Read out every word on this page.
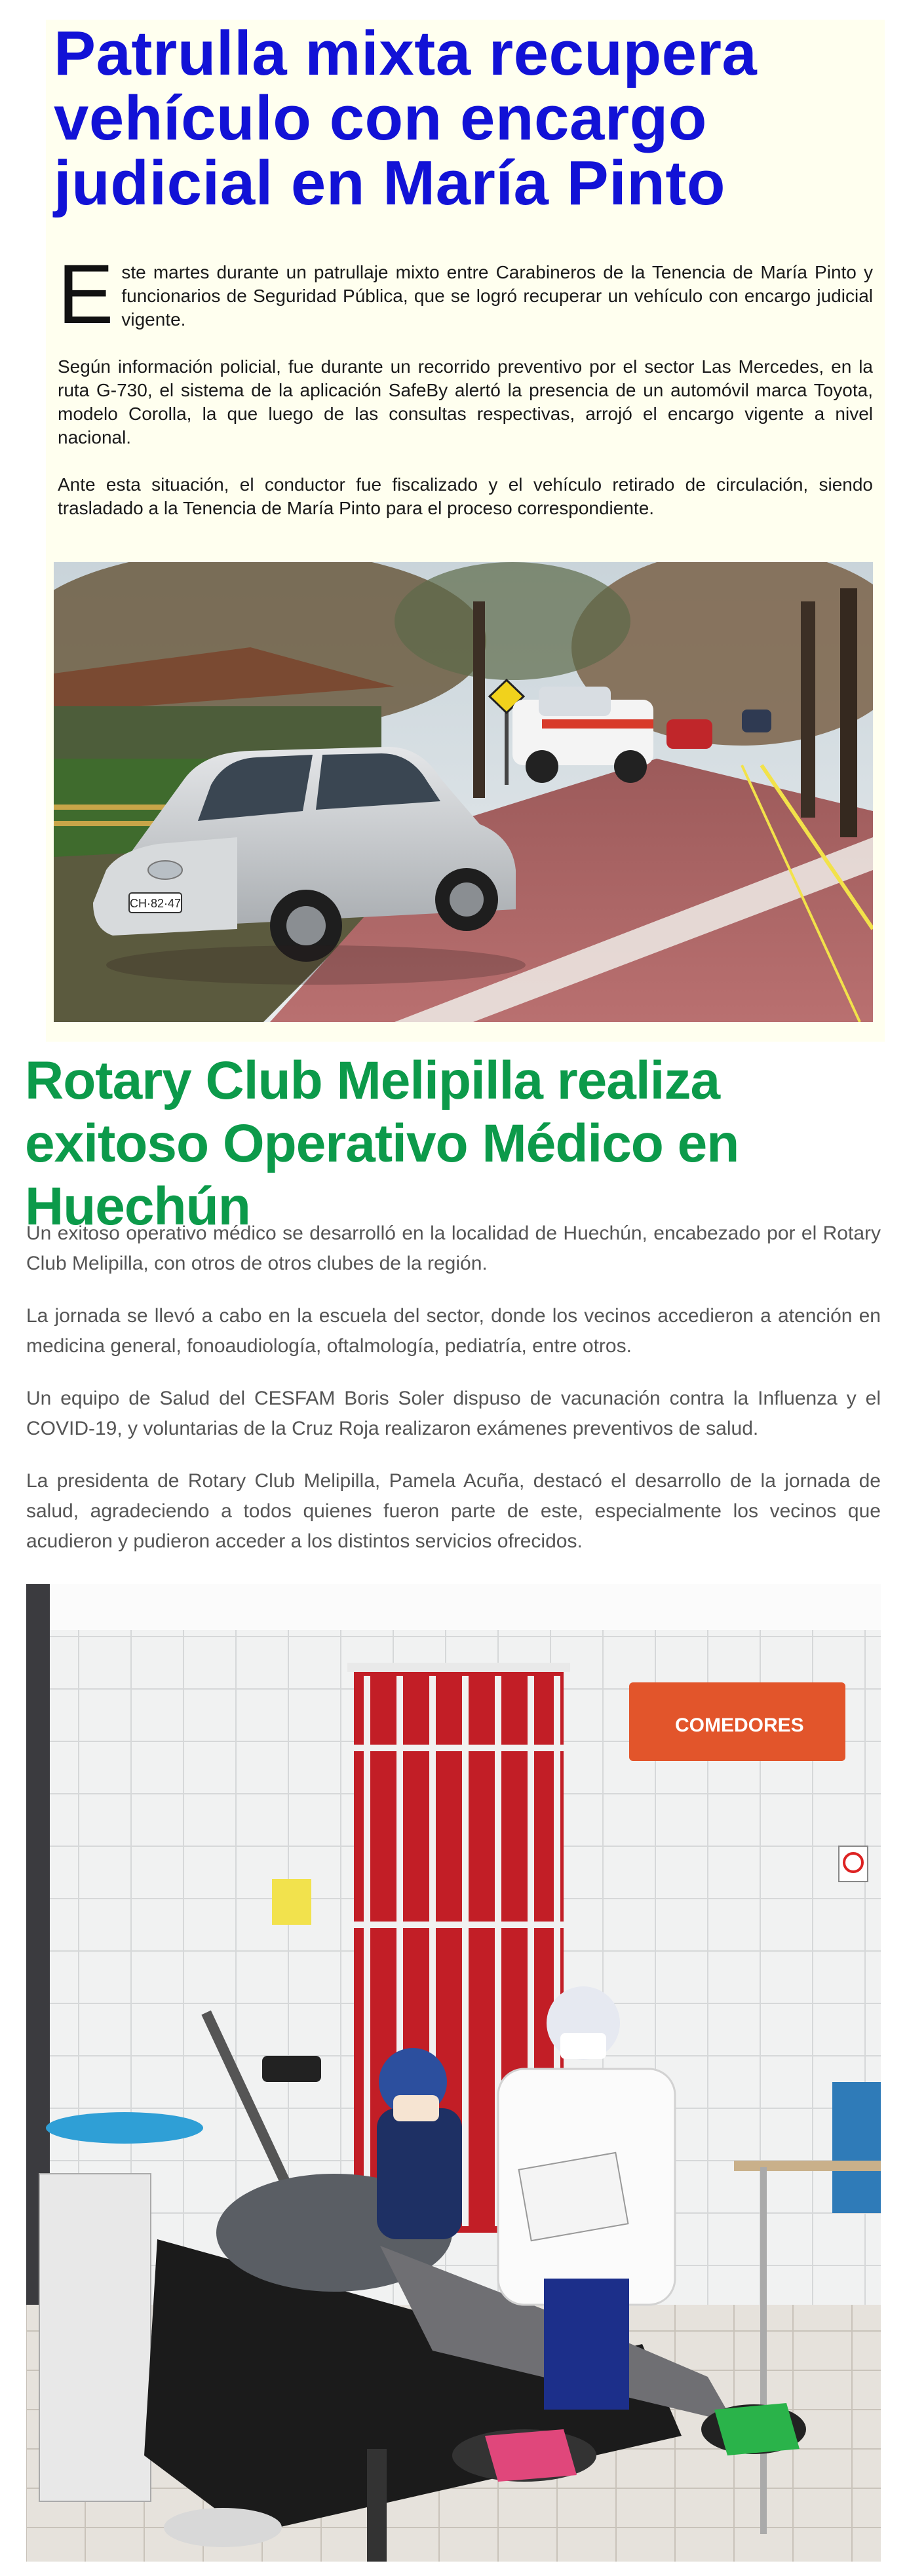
Patrulla mixta recupera vehículo con encargo judicial en María Pinto

Este martes durante un patrullaje mixto entre Carabineros de la Tenencia de María Pinto y funcionarios de Seguridad Pública, que se logró recuperar un vehículo con encargo judicial vigente.

Según información policial, fue durante un recorrido preventivo por el sector Las Mercedes, en la ruta G-730, el sistema de la aplicación SafeBy alertó la presencia de un automóvil marca Toyota, modelo Corolla, la que luego de las consultas respectivas, arrojó el encargo vigente a nivel nacional.

Ante esta situación, el conductor fue fiscalizado y el vehículo retirado de circulación, siendo trasladado a la Tenencia de María Pinto para el proceso correspondiente.

CH·82·47
Rotary Club Melipilla realiza exitoso Operativo Médico en Huechún

Un exitoso operativo médico se desarrolló en la localidad de Huechún, encabezado por el Rotary Club Melipilla, con otros de otros clubes de la región.

La jornada se llevó a cabo en la escuela del sector, donde los vecinos accedieron a atención en medicina general, fonoaudiología, oftalmología, pediatría, entre otros.

Un equipo de Salud del CESFAM Boris Soler dispuso de vacunación contra la Influenza y el COVID-19, y voluntarias de la Cruz Roja realizaron exámenes preventivos de salud.

La presidenta de Rotary Club Melipilla, Pamela Acuña, destacó el desarrollo de la jornada de salud, agradeciendo a todos quienes fueron parte de este, especialmente los vecinos que acudieron y pudieron acceder a los distintos servicios ofrecidos.

COMEDORES
